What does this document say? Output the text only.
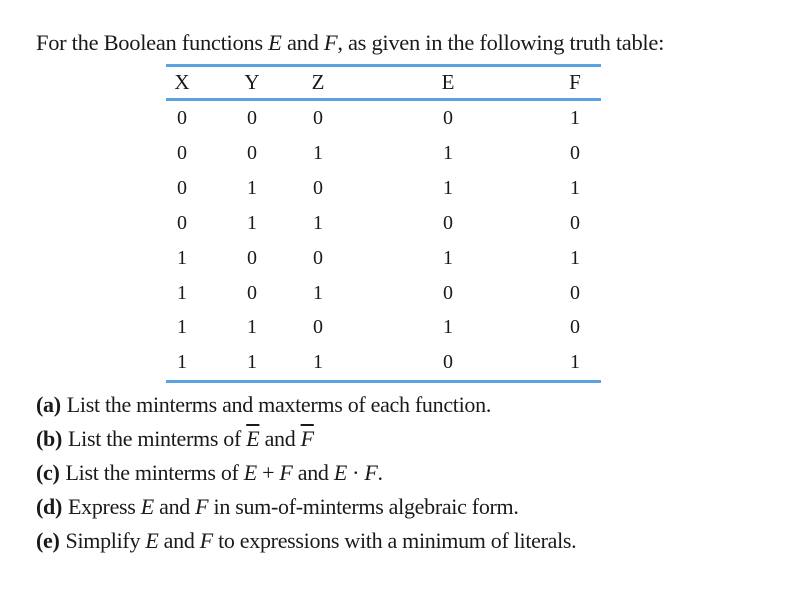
For the Boolean functions E and F, as given in the following truth table:
X	Y	Z	E	F
0	0	0	0	1
0	0	1	1	0
0	1	0	1	1
0	1	1	0	0
1	0	0	1	1
1	0	1	0	0
1	1	0	1	0
1	1	1	0	1
(a) List the minterms and maxterms of each function.
(b) List the minterms of $\overline{E}$ and $\overline{F}$
(c) List the minterms of E + F and E · F.
(d) Express E and F in sum-of-minterms algebraic form.
(e) Simplify E and F to expressions with a minimum of literals.
